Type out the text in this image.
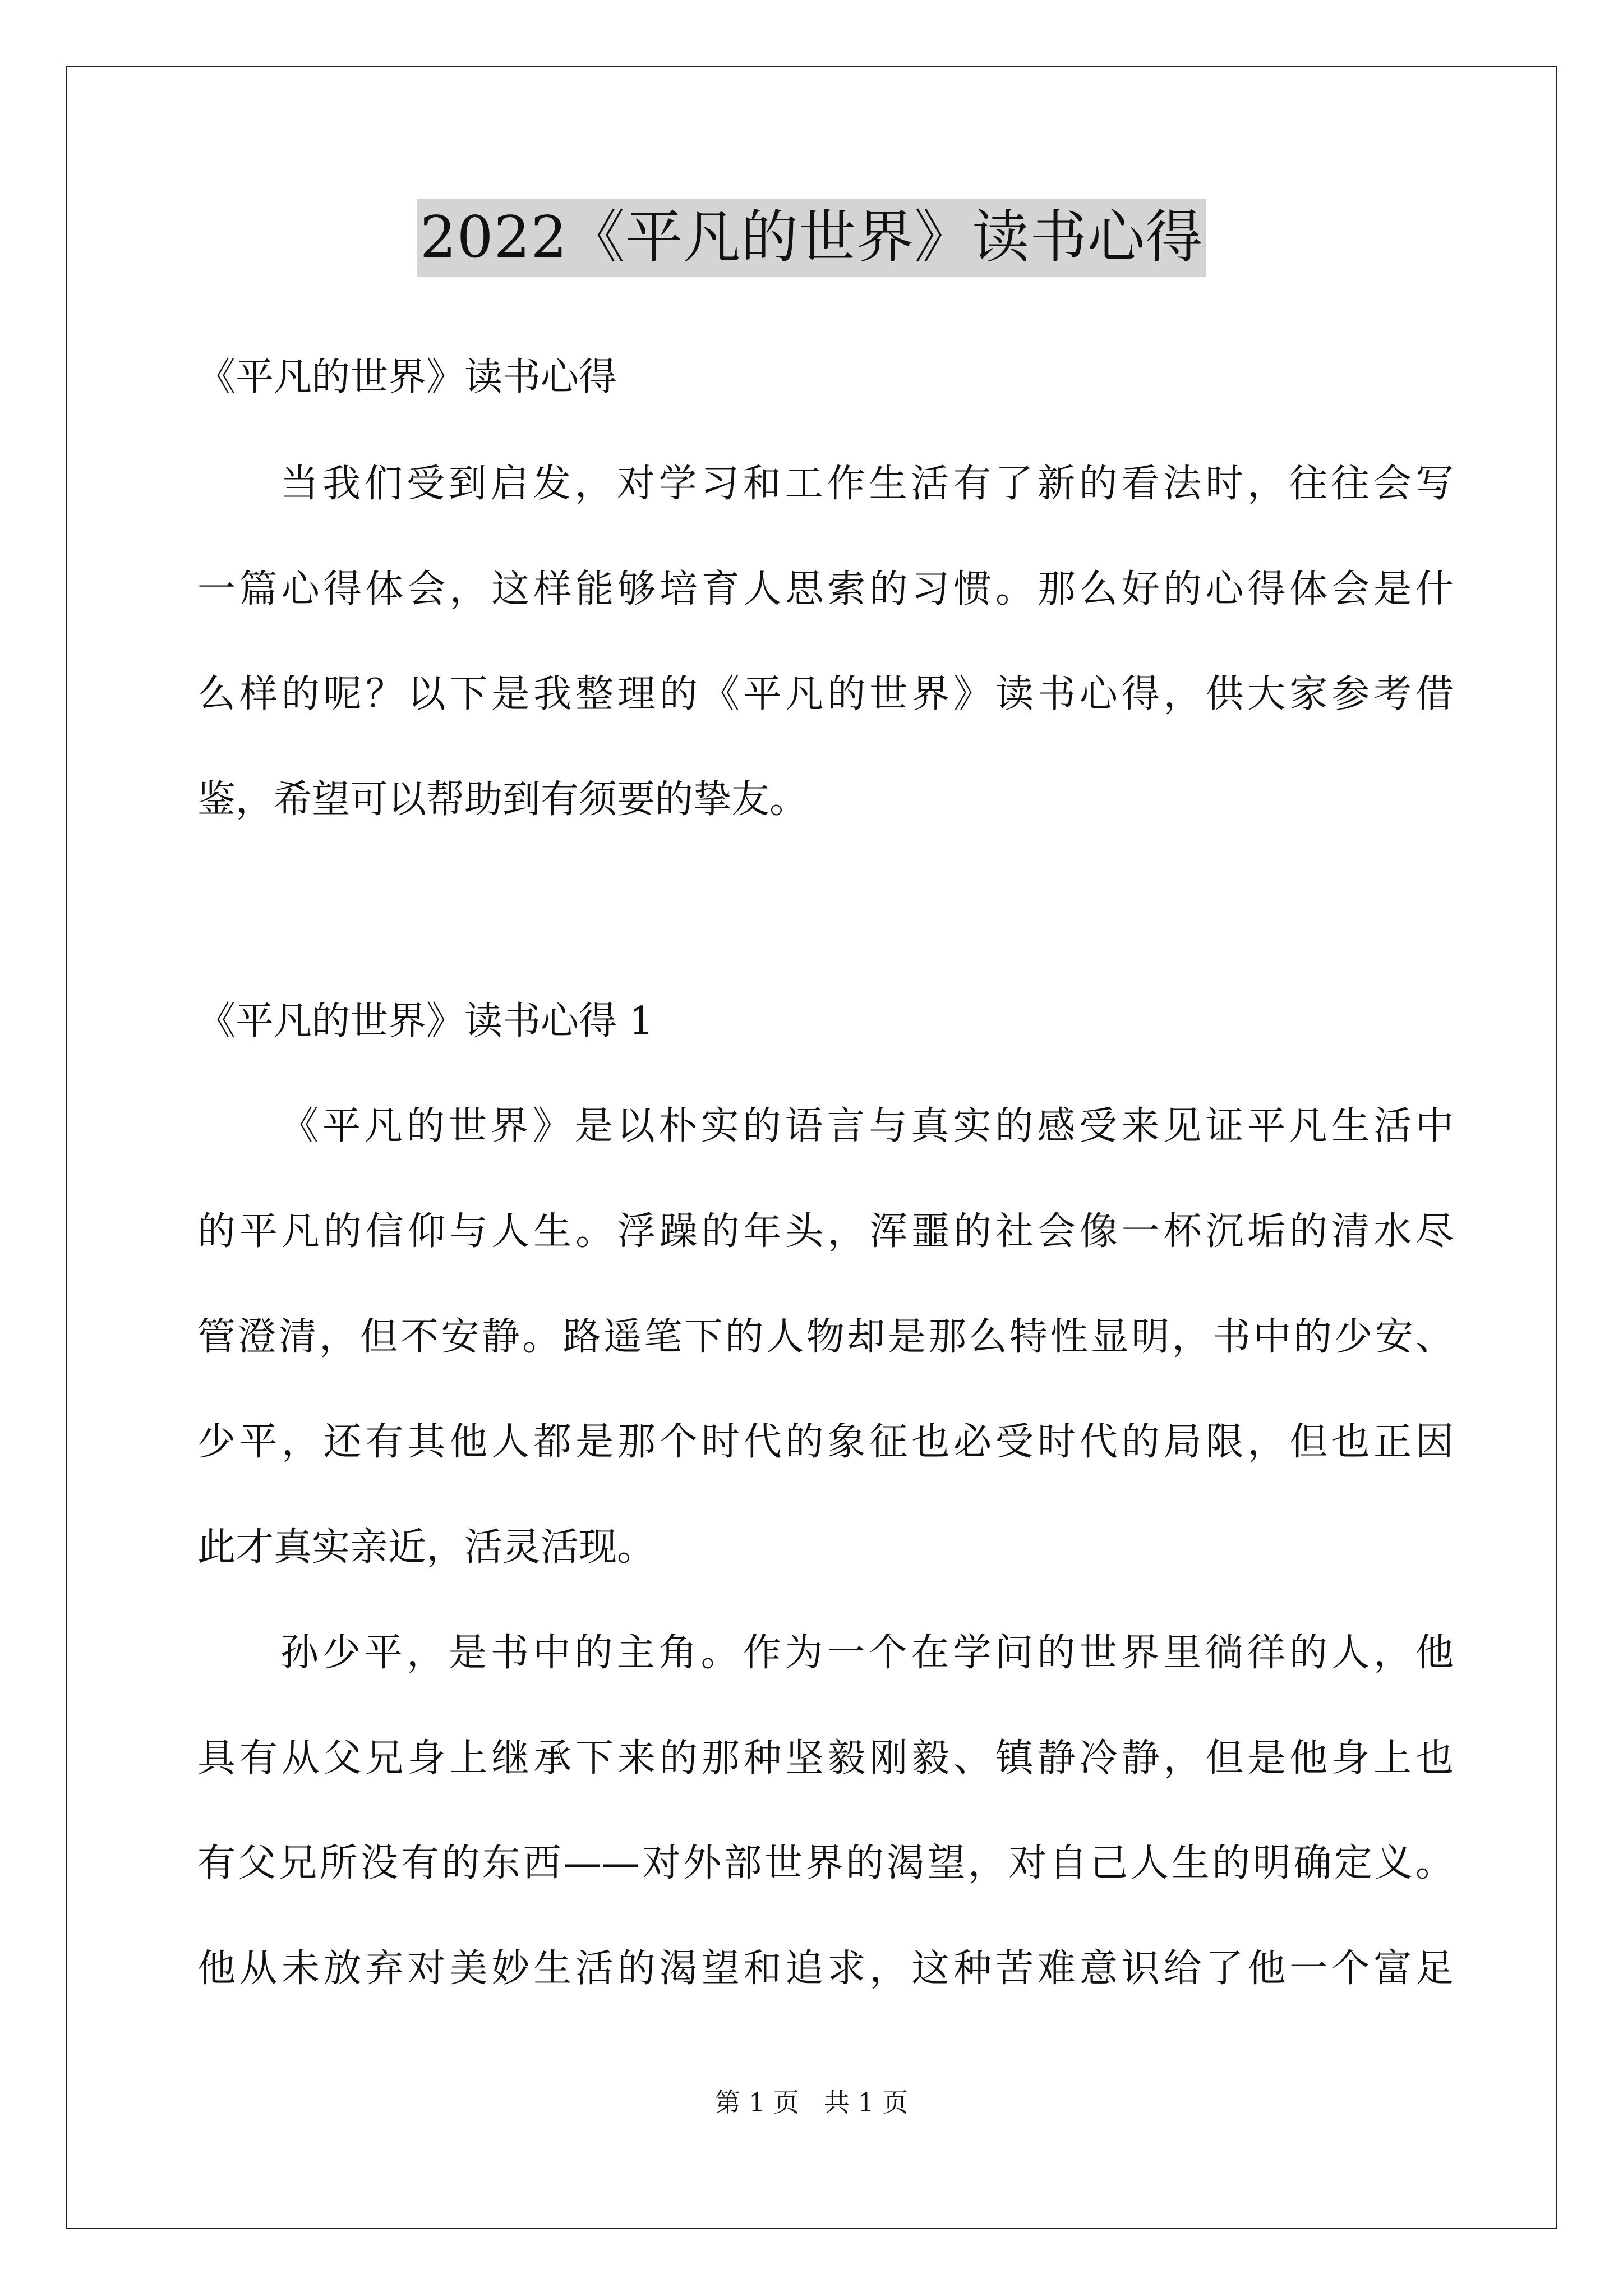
2022《平凡的世界》读书心得
《平凡的世界》读书心得
当我们受到启发，对学习和工作生活有了新的看法时，往往会写
一篇心得体会，这样能够培育人思索的习惯。那么好的心得体会是什
么样的呢？以下是我整理的《平凡的世界》读书心得，供大家参考借
鉴，希望可以帮助到有须要的挚友。
《平凡的世界》读书心得 1
《平凡的世界》是以朴实的语言与真实的感受来见证平凡生活中
的平凡的信仰与人生。浮躁的年头，浑噩的社会像一杯沉垢的清水尽
管澄清，但不安静。路遥笔下的人物却是那么特性显明，书中的少安、
少平，还有其他人都是那个时代的象征也必受时代的局限，但也正因
此才真实亲近，活灵活现。
孙少平，是书中的主角。作为一个在学问的世界里徜徉的人，他
具有从父兄身上继承下来的那种坚毅刚毅、镇静冷静，但是他身上也
有父兄所没有的东西——对外部世界的渴望，对自己人生的明确定义。
他从未放弃对美妙生活的渴望和追求，这种苦难意识给了他一个富足
第 1 页   共 1 页
